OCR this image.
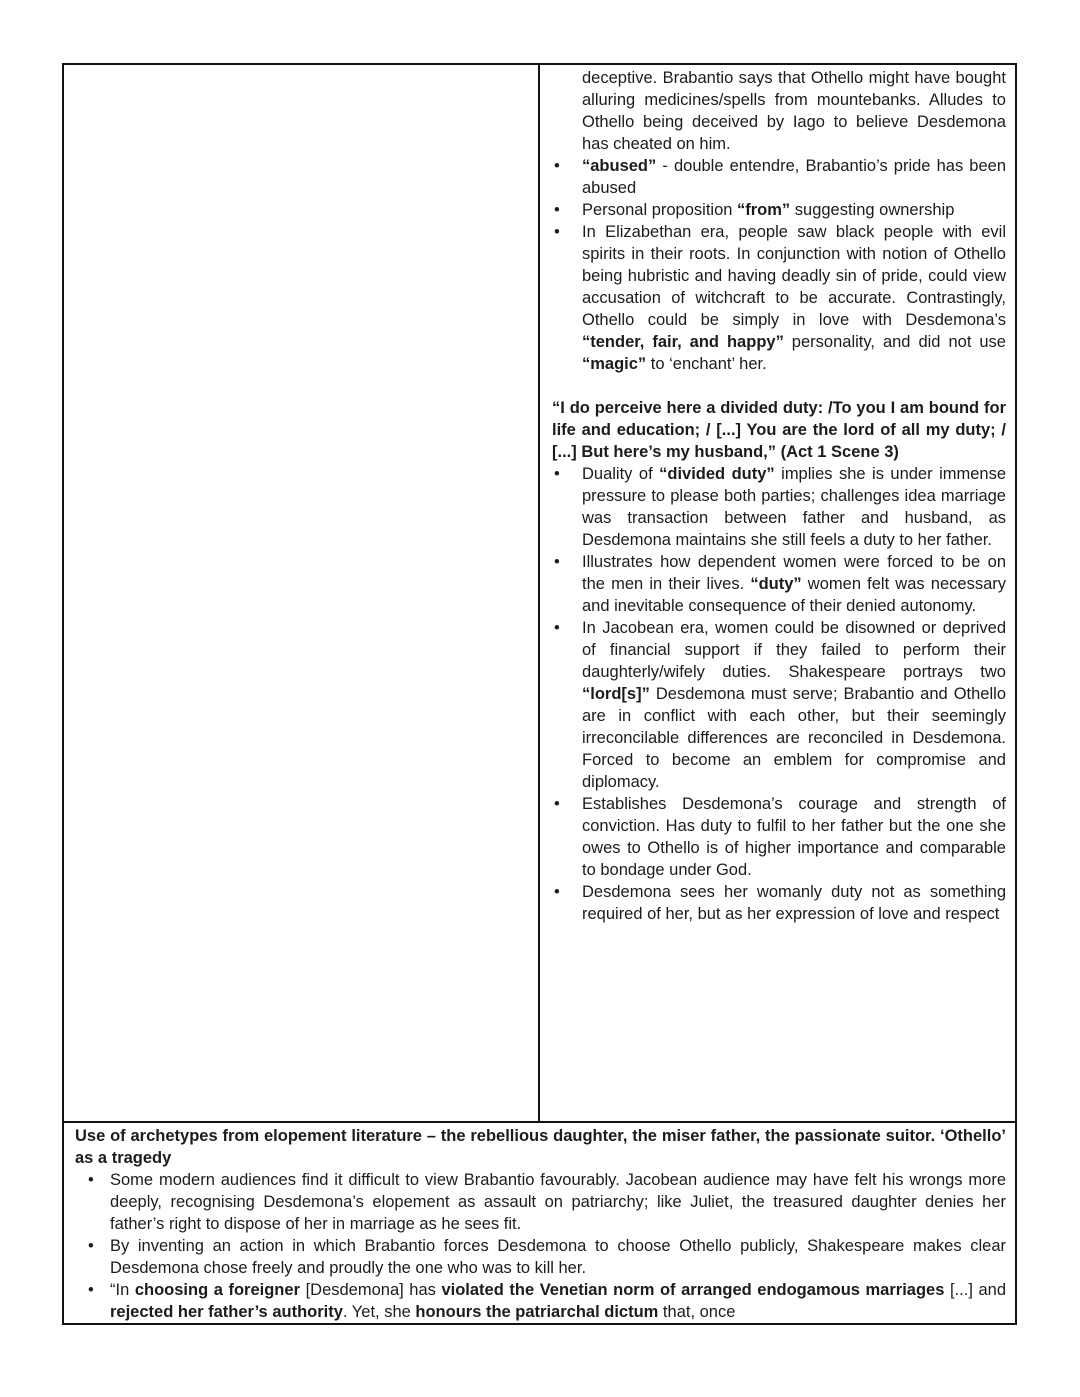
deceptive. Brabantio says that Othello might have bought alluring medicines/spells from mountebanks. Alludes to Othello being deceived by Iago to believe Desdemona has cheated on him.

• “abused” - double entendre, Brabantio’s pride has been abused
• Personal proposition “from” suggesting ownership
• In Elizabethan era, people saw black people with evil spirits in their roots. In conjunction with notion of Othello being hubristic and having deadly sin of pride, could view accusation of witchcraft to be accurate. Contrastingly, Othello could be simply in love with Desdemona’s “tender, fair, and happy” personality, and did not use “magic” to ‘enchant’ her.

“I do perceive here a divided duty: /To you I am bound for life and education; / [...] You are the lord of all my duty; / [...] But here’s my husband,” (Act 1 Scene 3)

• Duality of “divided duty” implies she is under immense pressure to please both parties; challenges idea marriage was transaction between father and husband, as Desdemona maintains she still feels a duty to her father.
• Illustrates how dependent women were forced to be on the men in their lives. “duty” women felt was necessary and inevitable consequence of their denied autonomy.
• In Jacobean era, women could be disowned or deprived of financial support if they failed to perform their daughterly/wifely duties. Shakespeare portrays two “lord[s]” Desdemona must serve; Brabantio and Othello are in conflict with each other, but their seemingly irreconcilable differences are reconciled in Desdemona. Forced to become an emblem for compromise and diplomacy.
• Establishes Desdemona’s courage and strength of conviction. Has duty to fulfil to her father but the one she owes to Othello is of higher importance and comparable to bondage under God.
• Desdemona sees her womanly duty not as something required of her, but as her expression of love and respect

Use of archetypes from elopement literature – the rebellious daughter, the miser father, the passionate suitor. ‘Othello’ as a tragedy

• Some modern audiences find it difficult to view Brabantio favourably. Jacobean audience may have felt his wrongs more deeply, recognising Desdemona’s elopement as assault on patriarchy; like Juliet, the treasured daughter denies her father’s right to dispose of her in marriage as he sees fit.
• By inventing an action in which Brabantio forces Desdemona to choose Othello publicly, Shakespeare makes clear Desdemona chose freely and proudly the one who was to kill her.
• “In choosing a foreigner [Desdemona] has violated the Venetian norm of arranged endogamous marriages [...] and rejected her father’s authority. Yet, she honours the patriarchal dictum that, once
